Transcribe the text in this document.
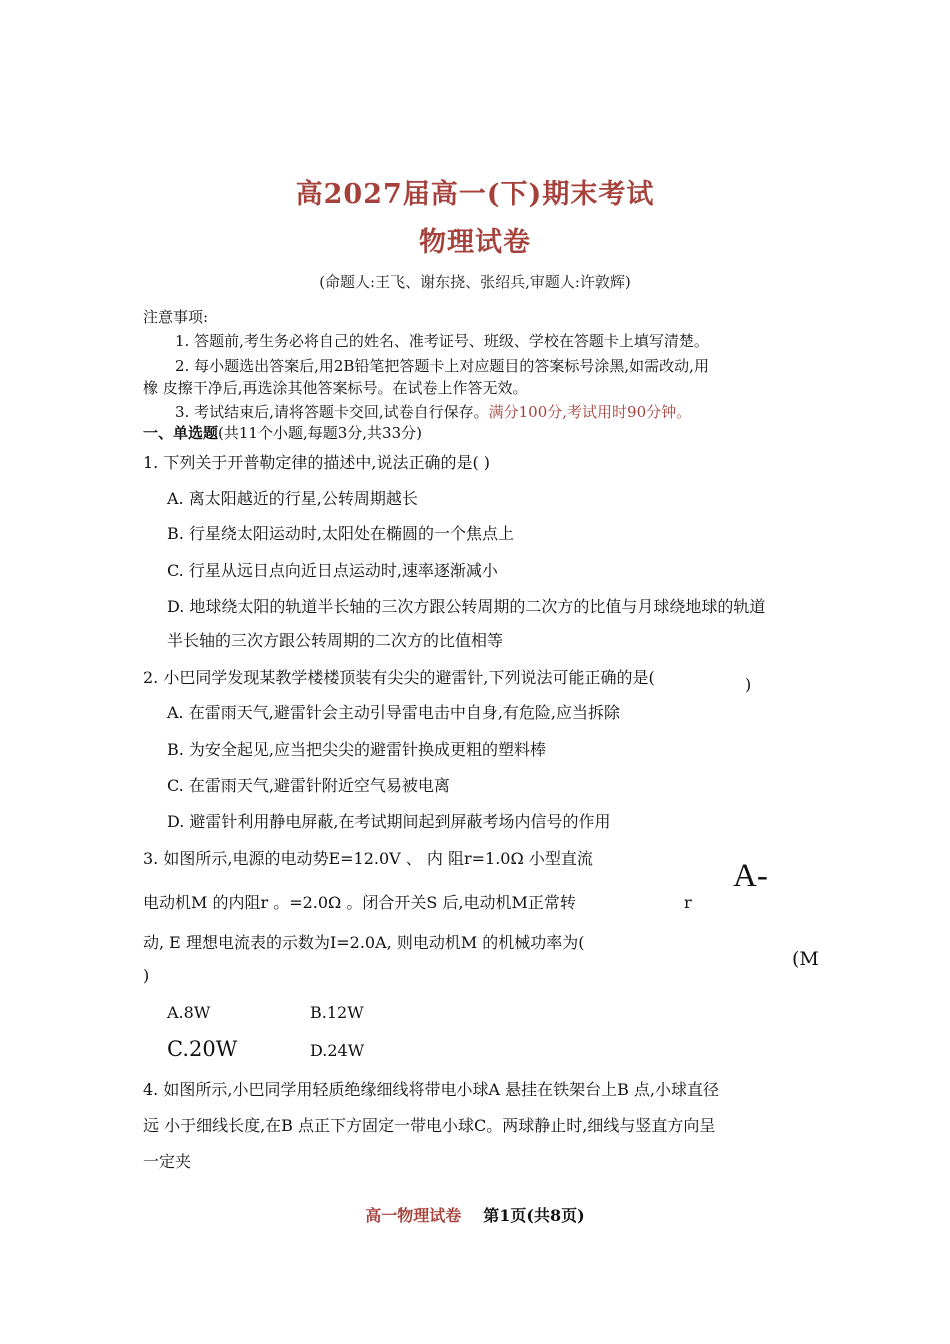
高2027届高一(下)期末考试
物理试卷
(命题人:王飞、谢东挠、张绍兵,审题人:许敦辉)
注意事项:
1. 答题前,考生务必将自己的姓名、准考证号、班级、学校在答题卡上填写清楚。
2. 每小题选出答案后,用2B铅笔把答题卡上对应题目的答案标号涂黑,如需改动,用
橡 皮擦干净后,再选涂其他答案标号。在试卷上作答无效。
3. 考试结束后,请将答题卡交回,试卷自行保存。满分100分,考试用时90分钟。
一、单选题(共11个小题,每题3分,共33分)
1. 下列关于开普勒定律的描述中,说法正确的是( )
A. 离太阳越近的行星,公转周期越长
B. 行星绕太阳运动时,太阳处在椭圆的一个焦点上
C. 行星从远日点向近日点运动时,速率逐渐减小
D. 地球绕太阳的轨道半长轴的三次方跟公转周期的二次方的比值与月球绕地球的轨道
半长轴的三次方跟公转周期的二次方的比值相等
2. 小巴同学发现某教学楼楼顶装有尖尖的避雷针,下列说法可能正确的是(	)
A. 在雷雨天气,避雷针会主动引导雷电击中自身,有危险,应当拆除
B. 为安全起见,应当把尖尖的避雷针换成更粗的塑料棒
C. 在雷雨天气,避雷针附近空气易被电离
D. 避雷针利用静电屏蔽,在考试期间起到屏蔽考场内信号的作用
3. 如图所示,电源的电动势E=12.0V 、 内 阻r=1.0Ω 小型直流	A-
电动机M 的内阻r 。=2.0Ω 。闭合开关S 后,电动机M正常转	r
动, E 理想电流表的示数为I=2.0A, 则电动机M 的机械功率为(
(M
)
A.8W	B.12W
C.20W	D.24W
4. 如图所示,小巴同学用轻质绝缘细线将带电小球A 悬挂在铁架台上B 点,小球直径
远 小于细线长度,在B 点正下方固定一带电小球C。两球静止时,细线与竖直方向呈
一定夹
高一物理试卷 第1页(共8页)
